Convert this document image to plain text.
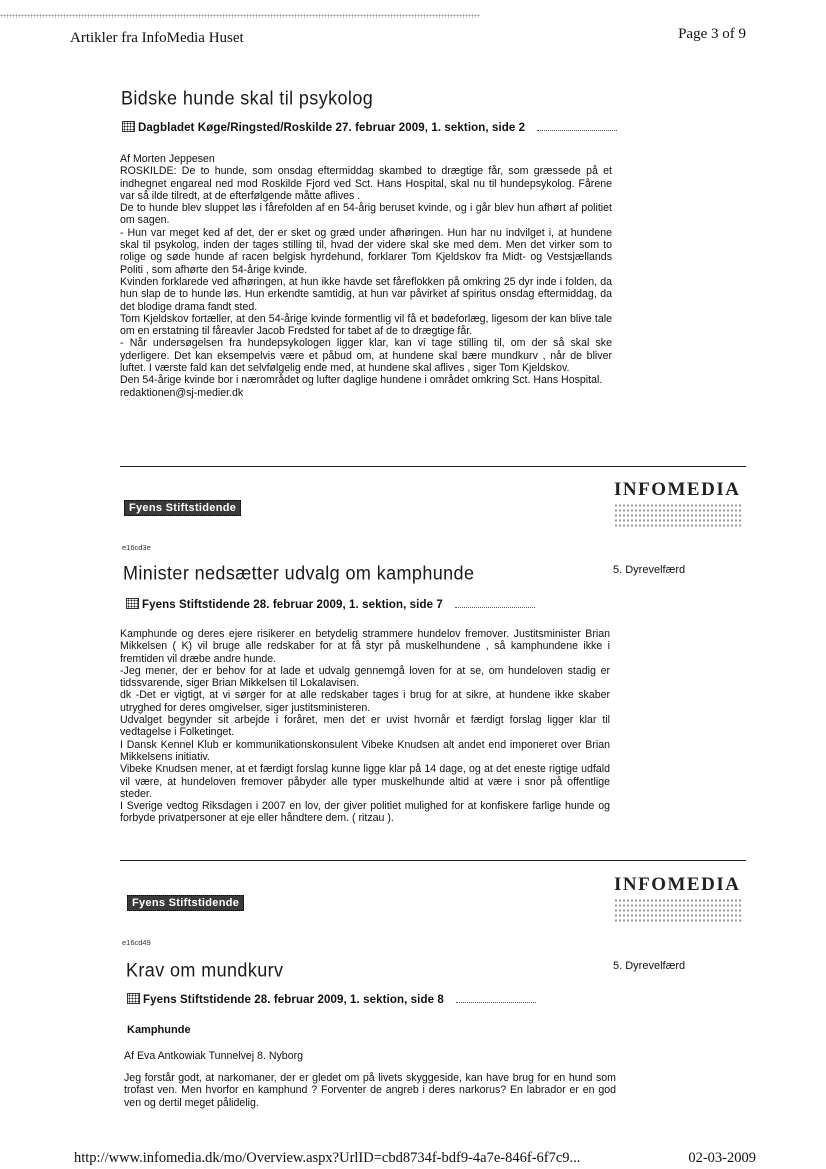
Artikler fra InfoMedia Huset	Page 3 of 9
Bidske hunde skal til psykolog
Dagbladet Køge/Ringsted/Roskilde 27. februar 2009, 1. sektion, side 2

Af Morten Jeppesen

ROSKILDE: De to hunde, som onsdag eftermiddag skambed to drægtige får, som græssede på et indhegnet engareal ned mod Roskilde Fjord ved Sct. Hans Hospital, skal nu til hundepsykolog. Fårene var så ilde tilredt, at de efterfølgende måtte aflives .

De to hunde blev sluppet løs i fårefolden af en 54-årig beruset kvinde, og i går blev hun afhørt af politiet om sagen.

- Hun var meget ked af det, der er sket og græd under afhøringen. Hun har nu indvilget i, at hundene skal til psykolog, inden der tages stilling til, hvad der videre skal ske med dem. Men det virker som to rolige og søde hunde af racen belgisk hyrdehund, forklarer Tom Kjeldskov fra Midt- og Vestsjællands Politi , som afhørte den 54-årige kvinde.

Kvinden forklarede ved afhøringen, at hun ikke havde set fåreflokken på omkring 25 dyr inde i folden, da hun slap de to hunde løs. Hun erkendte samtidig, at hun var påvirket af spiritus onsdag eftermiddag, da det blodige drama fandt sted.

Tom Kjeldskov fortæller, at den 54-årige kvinde formentlig vil få et bødeforlæg, ligesom der kan blive tale om en erstatning til fåreavler Jacob Fredsted for tabet af de to drægtige får.

- Når undersøgelsen fra hundepsykologen ligger klar, kan vi tage stilling til, om der så skal ske yderligere. Det kan eksempelvis være et påbud om, at hundene skal bære mundkurv , når de bliver luftet. I værste fald kan det selvfølgelig ende med, at hundene skal aflives , siger Tom Kjeldskov.

Den 54-årige kvinde bor i nærområdet og lufter daglige hundene i området omkring Sct. Hans Hospital.

redaktionen@sj-medier.dk

INFOMEDIA
Fyens Stiftstidende
e16cd3e
5. Dyrevelfærd
Minister nedsætter udvalg om kamphunde
Fyens Stiftstidende 28. februar 2009, 1. sektion, side 7

Kamphunde og deres ejere risikerer en betydelig strammere hundelov fremover. Justitsminister Brian Mikkelsen ( K) vil bruge alle redskaber for at få styr på muskelhundene , så kamphundene ikke i fremtiden vil dræbe andre hunde.

-Jeg mener, der er behov for at lade et udvalg gennemgå loven for at se, om hundeloven stadig er tidssvarende, siger Brian Mikkelsen til Lokalavisen.

dk -Det er vigtigt, at vi sørger for at alle redskaber tages i brug for at sikre, at hundene ikke skaber utryghed for deres omgivelser, siger justitsministeren.

Udvalget begynder sit arbejde i foråret, men det er uvist hvornår et færdigt forslag ligger klar til vedtagelse i Folketinget.

I Dansk Kennel Klub er kommunikationskonsulent Vibeke Knudsen alt andet end imponeret over Brian Mikkelsens initiativ.

Vibeke Knudsen mener, at et færdigt forslag kunne ligge klar på 14 dage, og at det eneste rigtige udfald vil være, at hundeloven fremover påbyder alle typer muskelhunde altid at være i snor på offentlige steder.

I Sverige vedtog Riksdagen i 2007 en lov, der giver politiet mulighed for at konfiskere farlige hunde og forbyde privatpersoner at eje eller håndtere dem. ( ritzau ).

INFOMEDIA
Fyens Stiftstidende
e16cd49
5. Dyrevelfærd
Krav om mundkurv
Fyens Stiftstidende 28. februar 2009, 1. sektion, side 8
Kamphunde
Af Eva Antkowiak Tunnelvej 8. Nyborg

Jeg forstår godt, at narkomaner, der er gledet om på livets skyggeside, kan have brug for en hund som trofast ven. Men hvorfor en kamphund ? Forventer de angreb i deres narkorus? En labrador er en god ven og dertil meget pålidelig.

http://www.infomedia.dk/mo/Overview.aspx?UrlID=cbd8734f-bdf9-4a7e-846f-6f7c9...	02-03-2009
